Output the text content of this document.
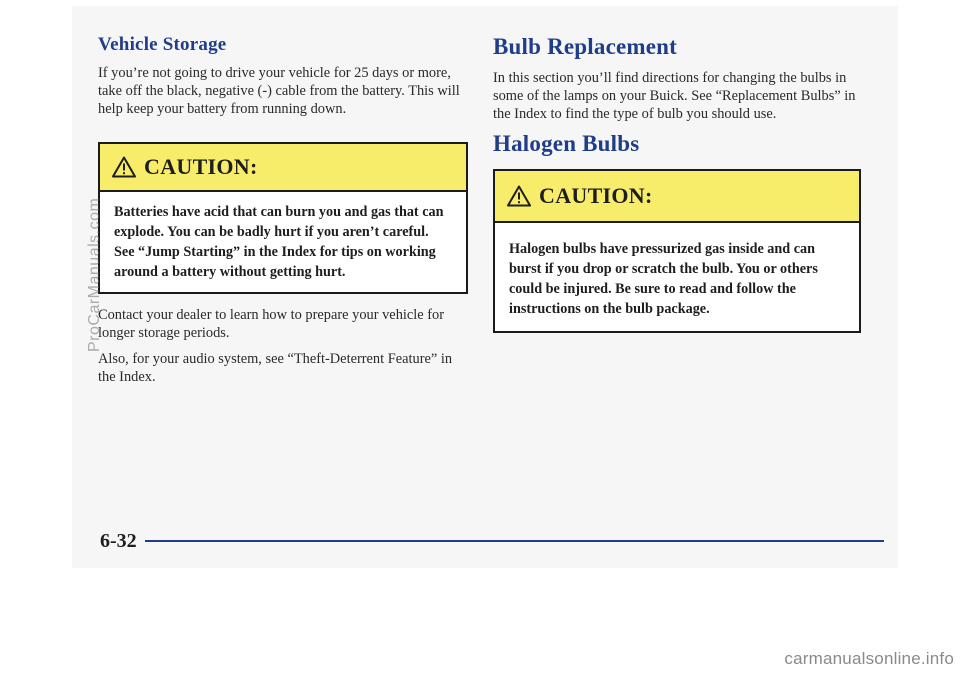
Vehicle Storage

If you’re not going to drive your vehicle for 25 days or more, take off the black, negative (-) cable from the battery. This will help keep your battery from running down.

CAUTION:

Batteries have acid that can burn you and gas that can explode. You can be badly hurt if you aren’t careful. See “Jump Starting” in the Index for tips on working around a battery without getting hurt.

Contact your dealer to learn how to prepare your vehicle for longer storage periods.

Also, for your audio system, see “Theft-Deterrent Feature” in the Index.

Bulb Replacement

In this section you’ll find directions for changing the bulbs in some of the lamps on your Buick. See “Replacement Bulbs” in the Index to find the type of bulb you should use.

Halogen Bulbs
CAUTION:

Halogen bulbs have pressurized gas inside and can burst if you drop or scratch the bulb. You or others could be injured. Be sure to read and follow the instructions on the bulb package.

6-32
ProCarManuals.com
carmanualsonline.info
